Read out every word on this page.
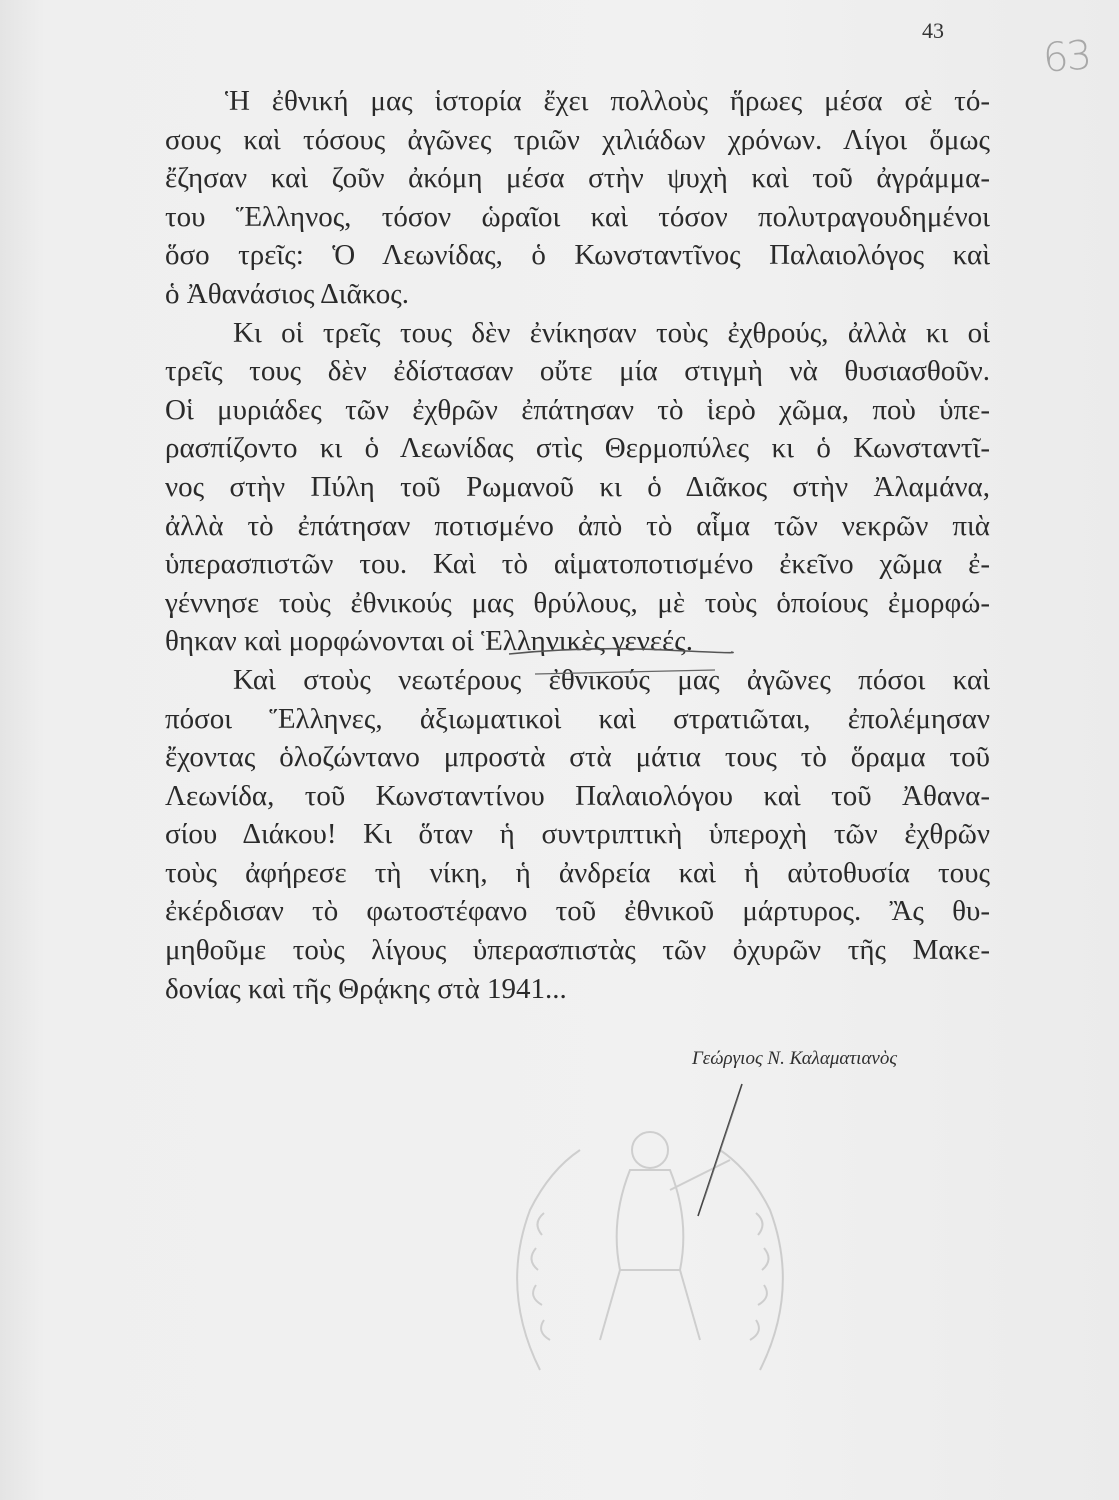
43
63
Ἡ ἐθνική μας ἱστορία ἔχει πολλοὺς ἥρωες μέσα σὲ τό-
σους καὶ τόσους ἀγῶνες τριῶν χιλιάδων χρόνων. Λίγοι ὅμως
ἔζησαν καὶ ζοῦν ἀκόμη μέσα στὴν ψυχὴ καὶ τοῦ ἀγράμμα-
του Ἕλληνος, τόσον ὡραῖοι καὶ τόσον πολυτραγουδημένοι
ὅσο τρεῖς: Ὁ Λεωνίδας, ὁ Κωνσταντῖνος Παλαιολόγος καὶ
ὁ Ἀθανάσιος Διᾶκος.
Κι οἱ τρεῖς τους δὲν ἐνίκησαν τοὺς ἐχθρούς, ἀλλὰ κι οἱ
τρεῖς τους δὲν ἐδίστασαν οὔτε μία στιγμὴ νὰ θυσιασθοῦν.
Οἱ μυριάδες τῶν ἐχθρῶν ἐπάτησαν τὸ ἱερὸ χῶμα, ποὺ ὑπε-
ρασπίζοντο κι ὁ Λεωνίδας στὶς Θερμοπύλες κι ὁ Κωνσταντῖ-
νος στὴν Πύλη τοῦ Ρωμανοῦ κι ὁ Διᾶκος στὴν Ἀλαμάνα,
ἀλλὰ τὸ ἐπάτησαν ποτισμένο ἀπὸ τὸ αἷμα τῶν νεκρῶν πιὰ
ὑπερασπιστῶν του. Καὶ τὸ αἱματοποτισμένο ἐκεῖνο χῶμα ἐ-
γέννησε τοὺς ἐθνικούς μας θρύλους, μὲ τοὺς ὁποίους ἐμορφώ-
θηκαν καὶ μορφώνονται οἱ Ἑλληνικὲς γενεές.
Καὶ στοὺς νεωτέρους ἐθνικούς μας ἀγῶνες πόσοι καὶ
πόσοι Ἕλληνες, ἀξιωματικοὶ καὶ στρατιῶται, ἐπολέμησαν
ἔχοντας ὁλοζώντανο μπροστὰ στὰ μάτια τους τὸ ὅραμα τοῦ
Λεωνίδα, τοῦ Κωνσταντίνου Παλαιολόγου καὶ τοῦ Ἀθανα-
σίου Διάκου! Κι ὅταν ἡ συντριπτικὴ ὑπεροχὴ τῶν ἐχθρῶν
τοὺς ἀφήρεσε τὴ νίκη, ἡ ἀνδρεία καὶ ἡ αὐτοθυσία τους
ἐκέρδισαν τὸ φωτοστέφανο τοῦ ἐθνικοῦ μάρτυρος. Ἂς θυ-
μηθοῦμε τοὺς λίγους ὑπερασπιστὰς τῶν ὀχυρῶν τῆς Μακε-
δονίας καὶ τῆς Θρᾴκης στὰ 1941...
Γεώργιος Ν. Καλαματιανὸς
